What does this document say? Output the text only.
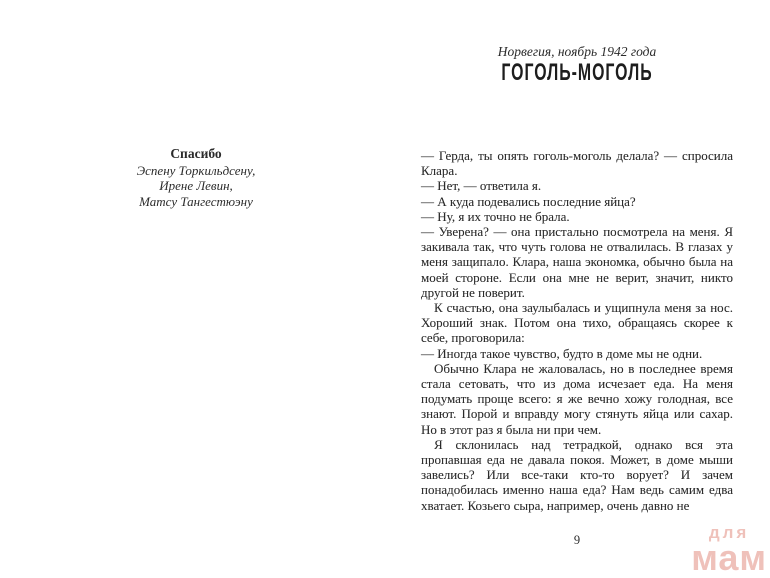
Спасибо
Эспену Торкильдсену,
Ирене Левин,
Матсу Тангестюэну
Норвегия, ноябрь 1942 года
ГОГОЛЬ-МОГОЛЬ

— Герда, ты опять гоголь-моголь делала? — спросила Клара.

— Нет, — ответила я.

— А куда подевались последние яйца?

— Ну, я их точно не брала.

— Уверена? — она пристально посмотрела на меня. Я закивала так, что чуть голова не отвалилась. В глазах у меня защипало. Клара, наша экономка, обычно была на моей стороне. Если она мне не верит, значит, никто другой не поверит.

К счастью, она заулыбалась и ущипнула меня за нос. Хороший знак. Потом она тихо, обращаясь скорее к себе, проговорила:

— Иногда такое чувство, будто в доме мы не одни.

Обычно Клара не жаловалась, но в последнее время стала сетовать, что из дома исчезает еда. На меня подумать проще всего: я же вечно хожу голодная, все знают. Порой и вправду могу стянуть яйца или сахар. Но в этот раз я была ни при чем.

Я склонилась над тетрадкой, однако вся эта пропавшая еда не давала покоя. Может, в доме мыши завелись? Или все-таки кто-то ворует? И зачем понадобилась именно наша еда? Нам ведь самим едва хватает. Козьего сыра, например, очень давно не

9	для
мам
